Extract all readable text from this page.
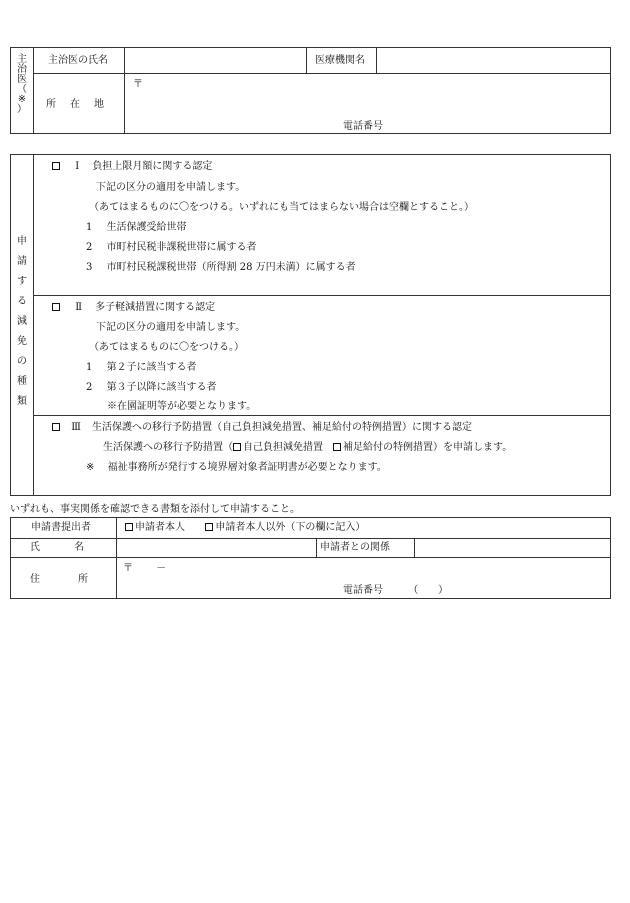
主
治
医
（
※
）
主治医の氏名	医療機関名
所　在　地
〒
電話番号
申
請
す
る
減
免
の
種
類
Ⅰ 負担上限月額に関する認定
下記の区分の適用を申請します。
（あてはまるものに〇をつける。いずれにも当てはまらない場合は空欄とすること。）
1 生活保護受給世帯
2 市町村民税非課税世帯に属する者
3 市町村民税課税世帯（所得割 28 万円未満）に属する者
Ⅱ 多子軽減措置に関する認定
下記の区分の適用を申請します。
（あてはまるものに〇をつける。）
1 第２子に該当する者
2 第３子以降に該当する者
※在園証明等が必要となります。
Ⅲ 生活保護への移行予防措置（自己負担減免措置、補足給付の特例措置）に関する認定
生活保護への移行予防措置（ 自己負担減免措置 補足給付の特例措置）を申請します。
※ 福祉事務所が発行する境界層対象者証明書が必要となります。
いずれも、事実関係を確認できる書類を添付して申請すること。
申請書提出者	申請者本人	申請者本人以外（下の欄に記入）
氏　　　名	申請者との関係
住　　　所
〒 －
電話番号	（　　）
